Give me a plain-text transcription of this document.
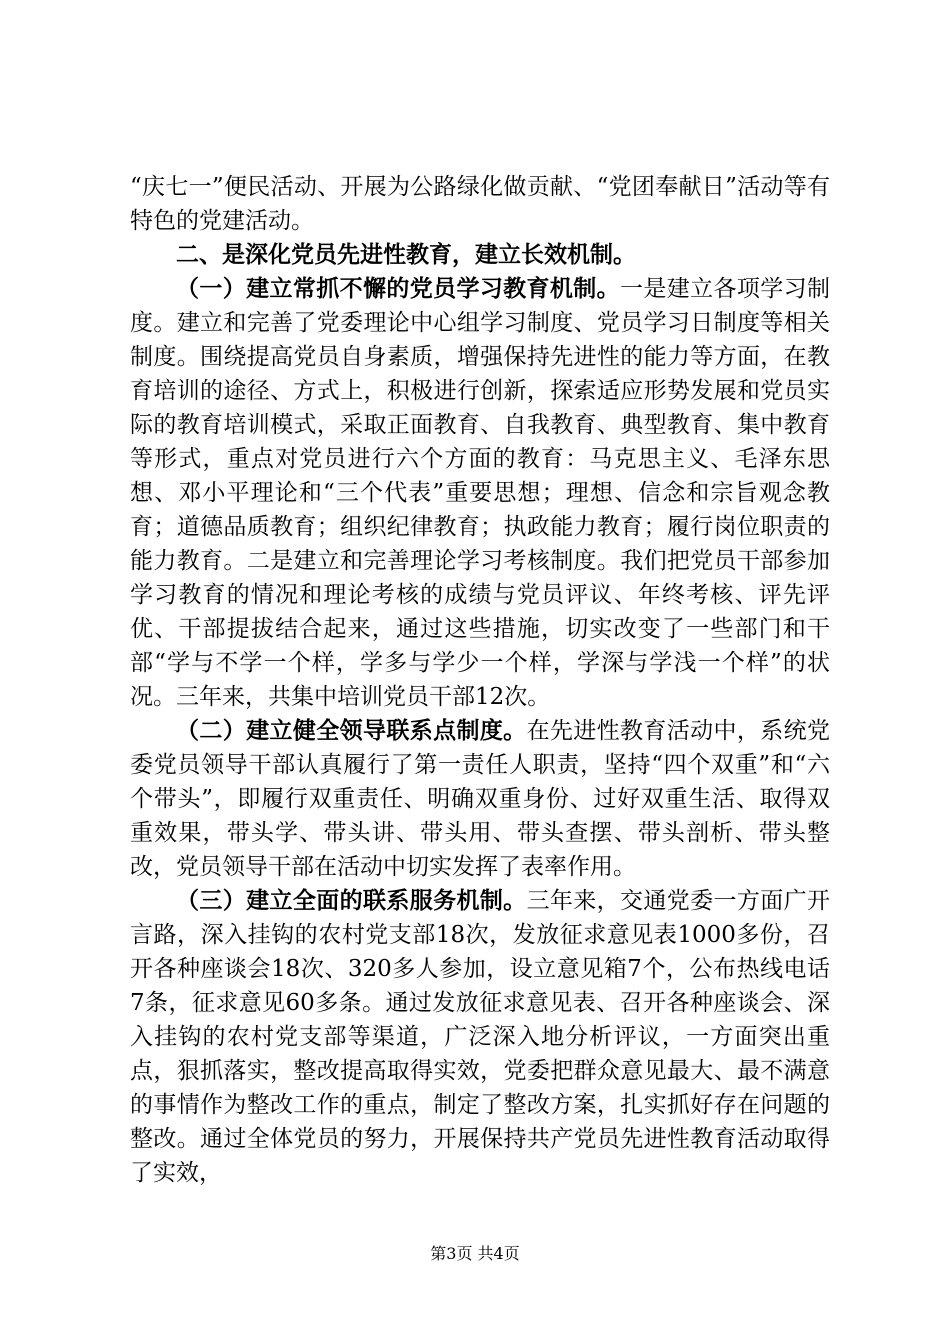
“庆七一”便民活动、开展为公路绿化做贡献、“党团奉献日”活动等有特色的党建活动。

二、是深化党员先进性教育，建立长效机制。

（一）建立常抓不懈的党员学习教育机制。一是建立各项学习制度。建立和完善了党委理论中心组学习制度、党员学习日制度等相关制度。围绕提高党员自身素质，增强保持先进性的能力等方面，在教育培训的途径、方式上，积极进行创新，探索适应形势发展和党员实际的教育培训模式，采取正面教育、自我教育、典型教育、集中教育等形式，重点对党员进行六个方面的教育：马克思主义、毛泽东思想、邓小平理论和“三个代表”重要思想；理想、信念和宗旨观念教育；道德品质教育；组织纪律教育；执政能力教育；履行岗位职责的能力教育。二是建立和完善理论学习考核制度。我们把党员干部参加学习教育的情况和理论考核的成绩与党员评议、年终考核、评先评优、干部提拔结合起来，通过这些措施，切实改变了一些部门和干部“学与不学一个样，学多与学少一个样，学深与学浅一个样”的状况。三年来，共集中培训党员干部12次。

（二）建立健全领导联系点制度。在先进性教育活动中，系统党委党员领导干部认真履行了第一责任人职责，坚持“四个双重”和“六个带头”，即履行双重责任、明确双重身份、过好双重生活、取得双重效果，带头学、带头讲、带头用、带头查摆、带头剖析、带头整改，党员领导干部在活动中切实发挥了表率作用。

（三）建立全面的联系服务机制。三年来，交通党委一方面广开言路，深入挂钩的农村党支部18次，发放征求意见表1000多份，召开各种座谈会18次、320多人参加，设立意见箱7个，公布热线电话7条，征求意见60多条。通过发放征求意见表、召开各种座谈会、深入挂钩的农村党支部等渠道，广泛深入地分析评议，一方面突出重点，狠抓落实，整改提高取得实效，党委把群众意见最大、最不满意的事情作为整改工作的重点，制定了整改方案，扎实抓好存在问题的整改。通过全体党员的努力，开展保持共产党员先进性教育活动取得了实效，

第3页 共4页
